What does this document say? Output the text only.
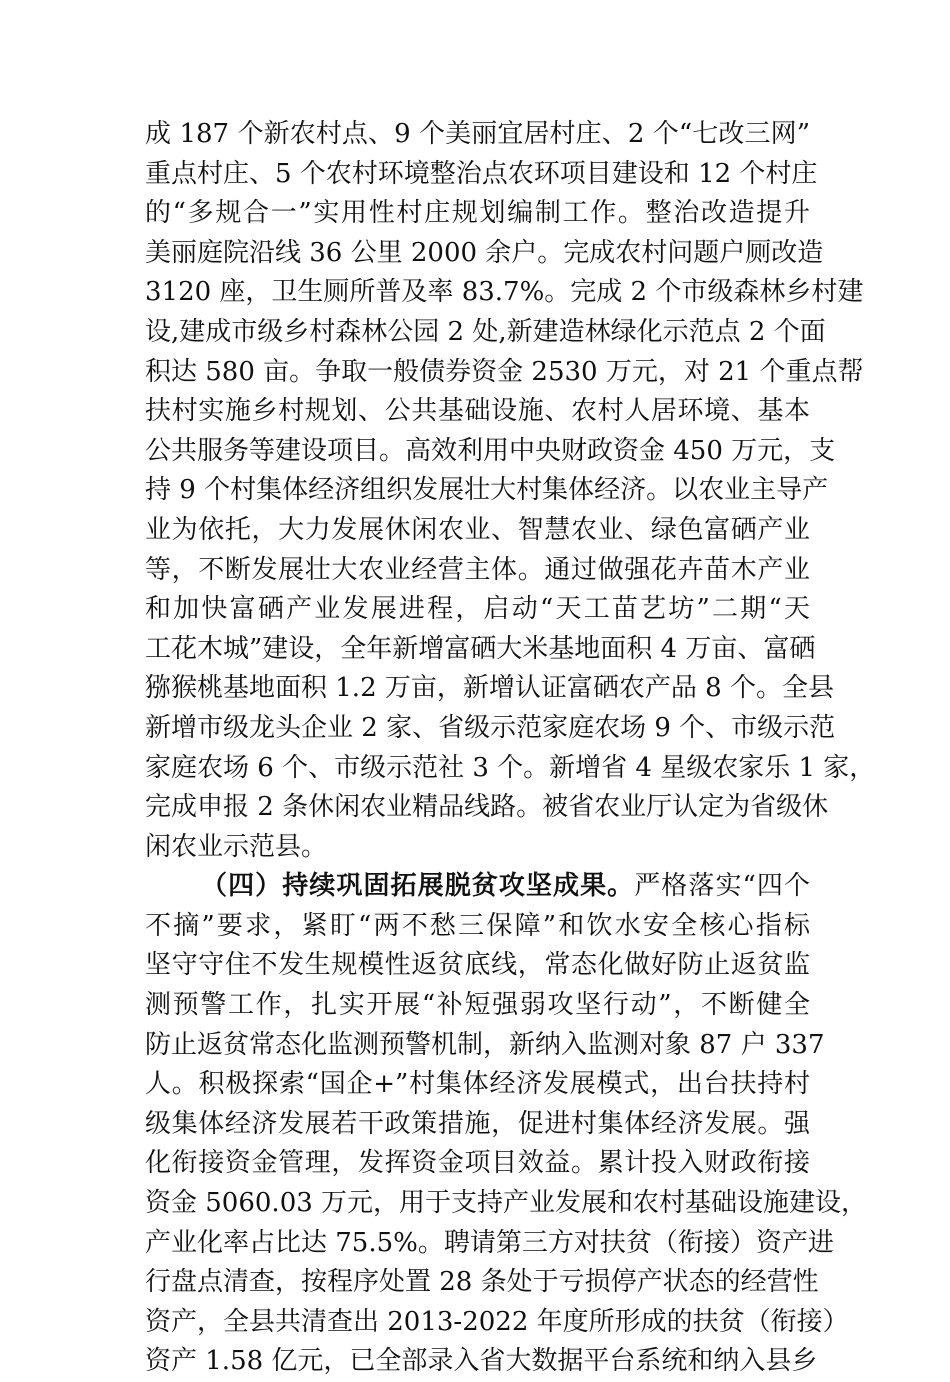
成 187 个新农村点、9 个美丽宜居村庄、2 个“七改三网”
重点村庄、5 个农村环境整治点农环项目建设和 12 个村庄
的“多规合一”实用性村庄规划编制工作。整治改造提升
美丽庭院沿线 36 公里 2000 余户。完成农村问题户厕改造
3120 座，卫生厕所普及率 83.7%。完成 2 个市级森林乡村建
设,建成市级乡村森林公园 2 处,新建造林绿化示范点 2 个面
积达 580 亩。争取一般债券资金 2530 万元，对 21 个重点帮
扶村实施乡村规划、公共基础设施、农村人居环境、基本
公共服务等建设项目。高效利用中央财政资金 450 万元，支
持 9 个村集体经济组织发展壮大村集体经济。以农业主导产
业为依托，大力发展休闲农业、智慧农业、绿色富硒产业
等，不断发展壮大农业经营主体。通过做强花卉苗木产业
和加快富硒产业发展进程，启动“天工苗艺坊”二期“天
工花木城”建设，全年新增富硒大米基地面积 4 万亩、富硒
猕猴桃基地面积 1.2 万亩，新增认证富硒农产品 8 个。全县
新增市级龙头企业 2 家、省级示范家庭农场 9 个、市级示范
家庭农场 6 个、市级示范社 3 个。新增省 4 星级农家乐 1 家，
完成申报 2 条休闲农业精品线路。被省农业厅认定为省级休
闲农业示范县。
（四）持续巩固拓展脱贫攻坚成果。严格落实“四个
不摘”要求，紧盯“两不愁三保障”和饮水安全核心指标
坚守守住不发生规模性返贫底线，常态化做好防止返贫监
测预警工作，扎实开展“补短强弱攻坚行动”，不断健全
防止返贫常态化监测预警机制，新纳入监测对象 87 户 337
人。积极探索“国企+”村集体经济发展模式，出台扶持村
级集体经济发展若干政策措施，促进村集体经济发展。强
化衔接资金管理，发挥资金项目效益。累计投入财政衔接
资金 5060.03 万元，用于支持产业发展和农村基础设施建设，
产业化率占比达 75.5%。聘请第三方对扶贫（衔接）资产进
行盘点清查，按程序处置 28 条处于亏损停产状态的经营性
资产，全县共清查出 2013-2022 年度所形成的扶贫（衔接）
资产 1.58 亿元，已全部录入省大数据平台系统和纳入县乡
